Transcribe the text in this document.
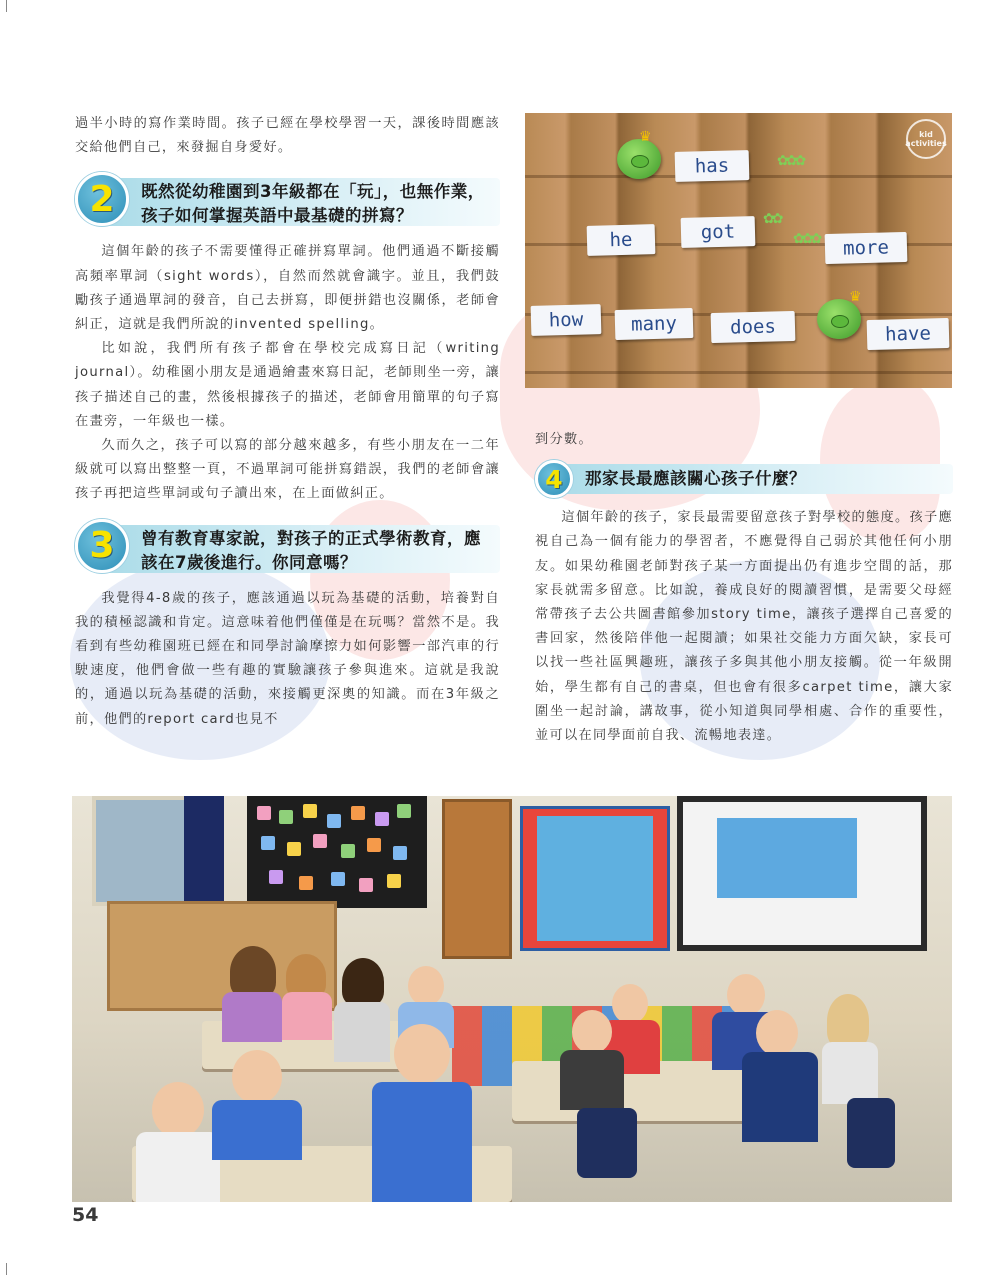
過半小時的寫作業時間。孩子已經在學校學習一天，課後時間應該交給他們自己，來發掘自身愛好。

2 既然從幼稚園到3年級都在「玩」，也無作業，孩子如何掌握英語中最基礎的拼寫？

這個年齡的孩子不需要懂得正確拼寫單詞。他們通過不斷接觸高頻率單詞（sight words），自然而然就會識字。並且，我們鼓勵孩子通過單詞的發音，自己去拼寫，即便拼錯也沒關係，老師會糾正，這就是我們所說的invented spelling。

比如說，我們所有孩子都會在學校完成寫日記（writing journal）。幼稚園小朋友是通過繪畫來寫日記，老師則坐一旁，讓孩子描述自己的畫，然後根據孩子的描述，老師會用簡單的句子寫在畫旁，一年級也一樣。

久而久之，孩子可以寫的部分越來越多，有些小朋友在一二年級就可以寫出整整一頁，不過單詞可能拼寫錯誤，我們的老師會讓孩子再把這些單詞或句子讀出來，在上面做糾正。

3 曾有教育專家說，對孩子的正式學術教育，應該在7歲後進行。你同意嗎？

我覺得4-8歲的孩子，應該通過以玩為基礎的活動，培養對自我的積極認識和肯定。這意味着他們僅僅是在玩嗎？當然不是。我看到有些幼稚園班已經在和同學討論摩擦力如何影響一部汽車的行駛速度，他們會做一些有趣的實驗讓孩子參與進來。這就是我說的，通過以玩為基礎的活動，來接觸更深奧的知識。而在3年級之前，他們的report card也見不

到分數。

4 那家長最應該關心孩子什麼？

這個年齡的孩子，家長最需要留意孩子對學校的態度。孩子應視自己為一個有能力的學習者，不應覺得自己弱於其他任何小朋友。如果幼稚園老師對孩子某一方面提出仍有進步空間的話，那家長就需多留意。比如說，養成良好的閱讀習慣，是需要父母經常帶孩子去公共圖書館參加story time，讓孩子選擇自己喜愛的書回家，然後陪伴他一起閱讀；如果社交能力方面欠缺，家長可以找一些社區興趣班，讓孩子多與其他小朋友接觸。從一年級開始，學生都有自己的書桌，但也會有很多carpet time，讓大家圍坐一起討論，講故事，從小知道與同學相處、合作的重要性，並可以在同學面前自我、流暢地表達。

♛
✿✿✿
✿✿
✿✿✿
♛
has
he	got
more
how	many	does	have
kid activities
54
